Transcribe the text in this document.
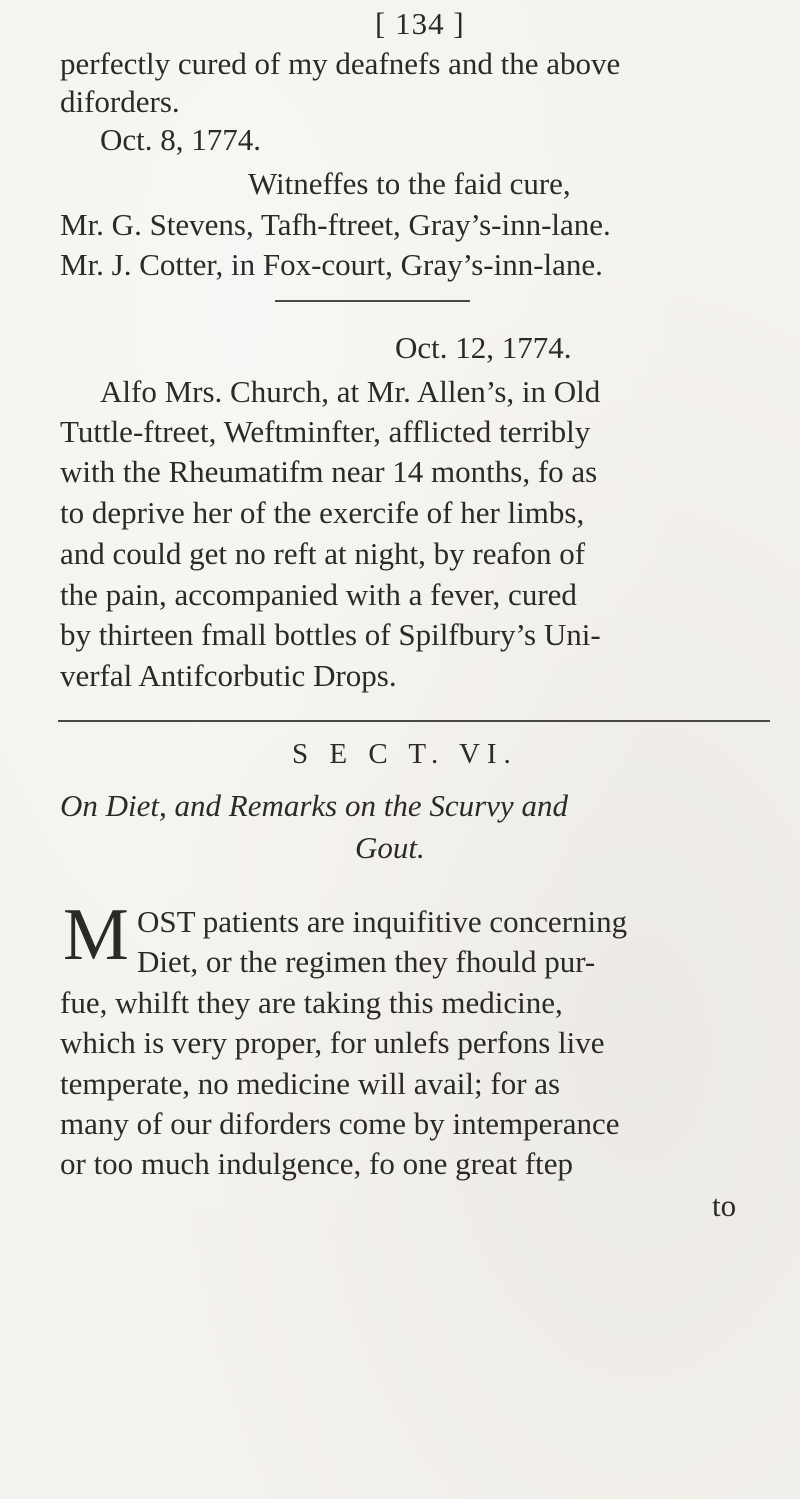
[ 134 ]
perfectly cured of my deafnefs and the above
diforders.
Oct. 8, 1774.
Witneffes to the faid cure,
Mr. G. Stevens, Tafh-ftreet, Gray’s-inn-lane.
Mr. J. Cotter, in Fox-court, Gray’s-inn-lane.
Oct. 12, 1774.
Alfo Mrs. Church, at Mr. Allen’s, in Old
Tuttle-ftreet, Weftminfter, afflicted terribly
with the Rheumatifm near 14 months, fo as
to deprive her of the exercife of her limbs,
and could get no reft at night, by reafon of
the pain, accompanied with a fever, cured
by thirteen fmall bottles of Spilfbury’s Uni-
verfal Antifcorbutic Drops.
S E C T. VI.
On Diet, and Remarks on the Scurvy and
Gout.
M OST patients are inquifitive concerning
Diet, or the regimen they fhould pur-
fue, whilft they are taking this medicine,
which is very proper, for unlefs perfons live
temperate, no medicine will avail; for as
many of our diforders come by intemperance
or too much indulgence, fo one great ftep
to
